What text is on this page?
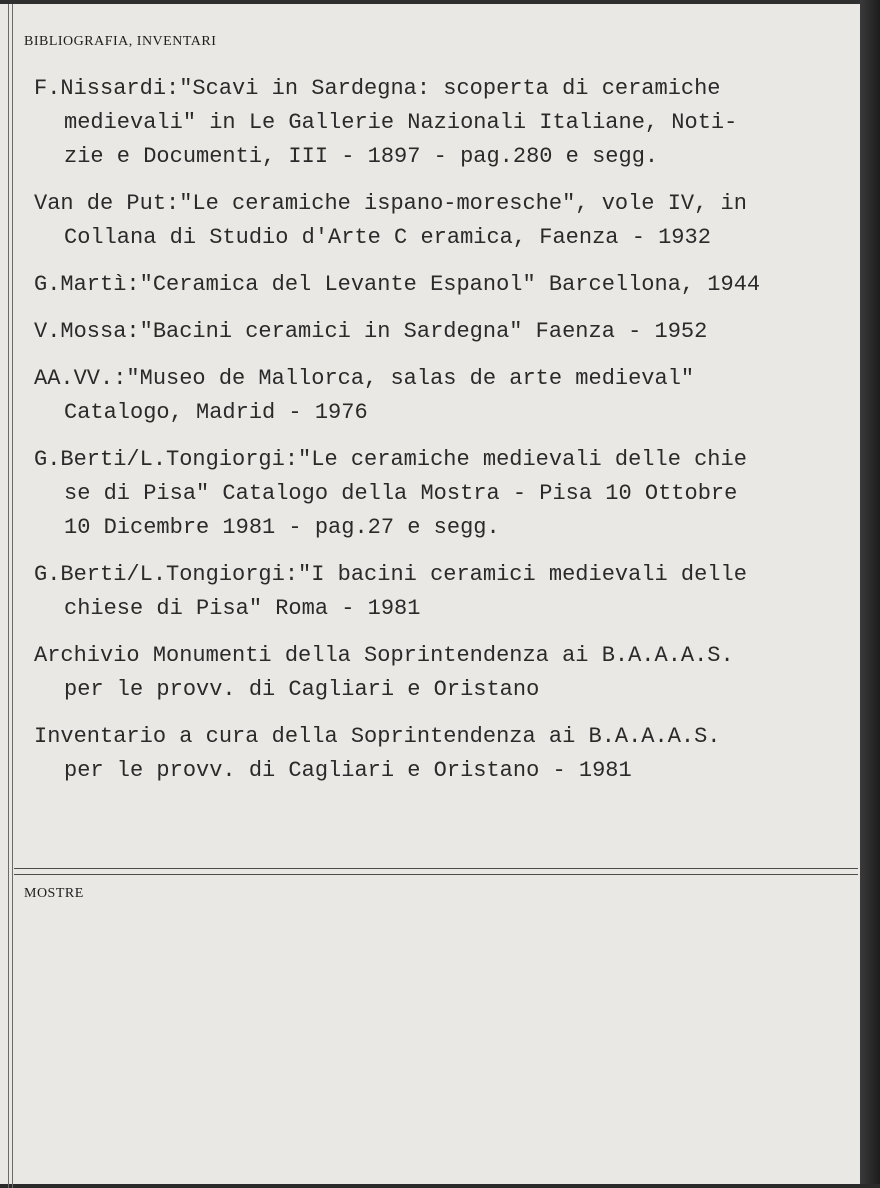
BIBLIOGRAFIA, INVENTARI
F.Nissardi:"Scavi in Sardegna: scoperta di ceramiche
medievali" in Le Gallerie Nazionali Italiane, Noti-
zie e Documenti, III - 1897 - pag.280 e segg.
Van de Put:"Le ceramiche ispano-moresche", vole IV, in
Collana di Studio d'Arte C eramica, Faenza - 1932
G.Martì:"Ceramica del Levante Espanol" Barcellona, 1944
V.Mossa:"Bacini ceramici in Sardegna" Faenza - 1952
AA.VV.:"Museo de Mallorca, salas de arte medieval"
Catalogo, Madrid - 1976
G.Berti/L.Tongiorgi:"Le ceramiche medievali delle chie
se di Pisa" Catalogo della Mostra - Pisa 10 Ottobre
10 Dicembre 1981 - pag.27 e segg.
G.Berti/L.Tongiorgi:"I bacini ceramici medievali delle
chiese di Pisa" Roma - 1981
Archivio Monumenti della Soprintendenza ai B.A.A.A.S.
per le provv. di Cagliari e Oristano
Inventario a cura della Soprintendenza ai B.A.A.A.S.
per le provv. di Cagliari e Oristano - 1981
MOSTRE
